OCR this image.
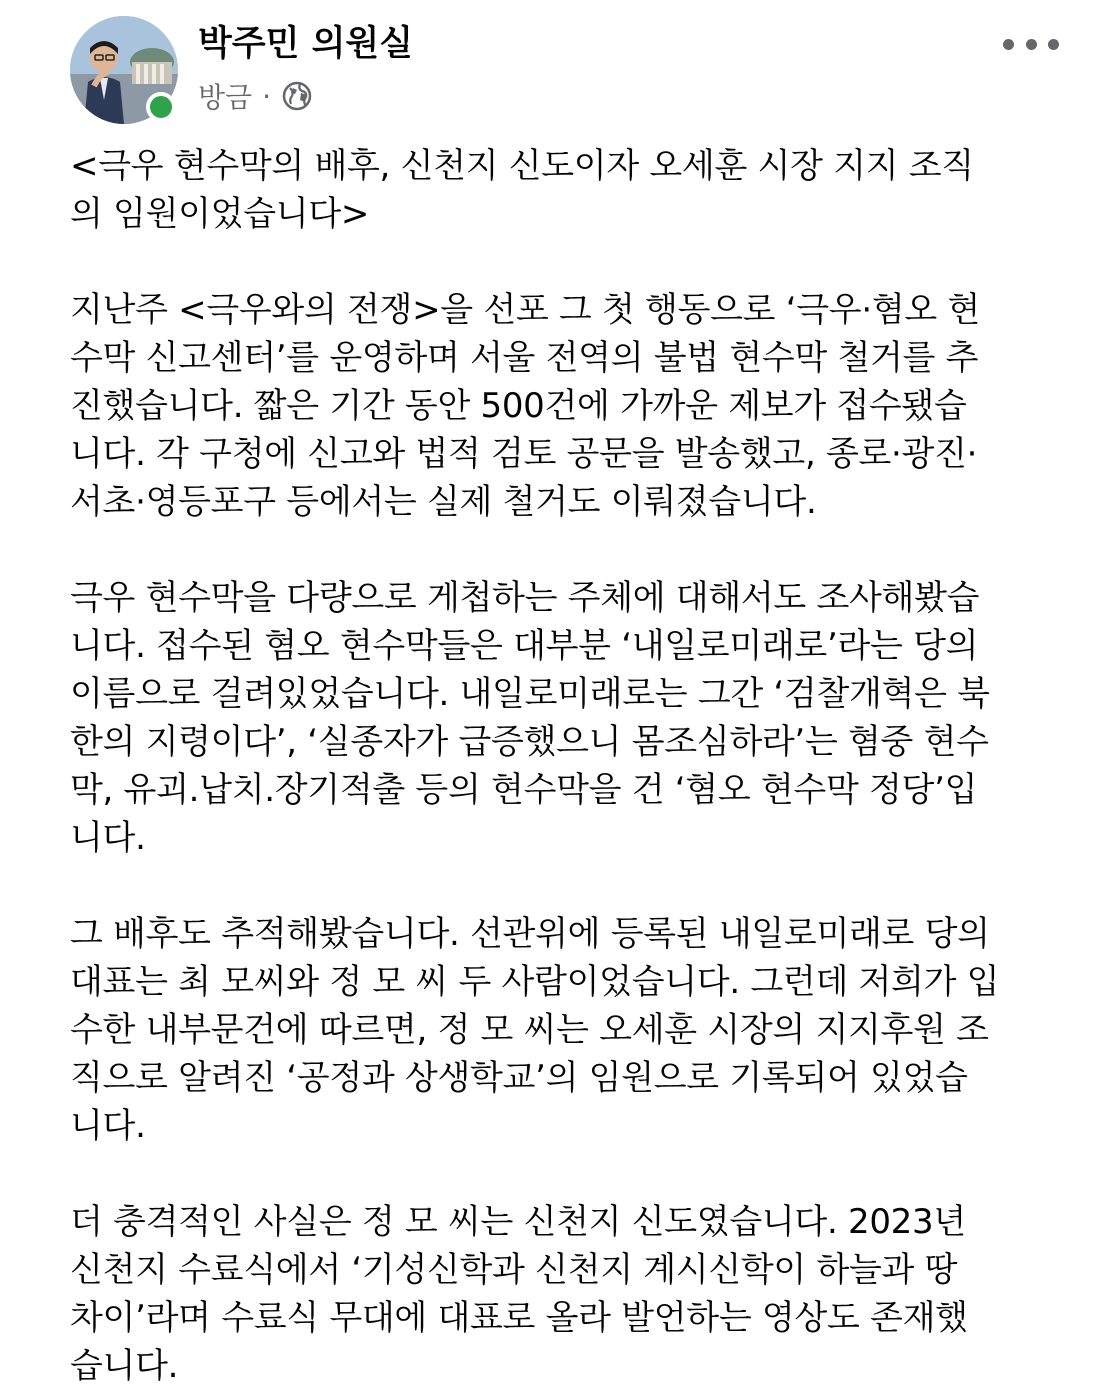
박주민 의원실
방금 ·
<극우 현수막의 배후, 신천지 신도이자 오세훈 시장 지지 조직
의 임원이었습니다>
지난주 <극우와의 전쟁>을 선포 그 첫 행동으로 ‘극우·혐오 현
수막 신고센터’를 운영하며 서울 전역의 불법 현수막 철거를 추
진했습니다. 짧은 기간 동안 500건에 가까운 제보가 접수됐습
니다. 각 구청에 신고와 법적 검토 공문을 발송했고, 종로·광진·
서초·영등포구 등에서는 실제 철거도 이뤄졌습니다.
극우 현수막을 다량으로 게첩하는 주체에 대해서도 조사해봤습
니다. 접수된 혐오 현수막들은 대부분 ‘내일로미래로’라는 당의
이름으로 걸려있었습니다. 내일로미래로는 그간 ‘검찰개혁은 북
한의 지령이다’, ‘실종자가 급증했으니 몸조심하라’는 혐중 현수
막, 유괴.납치.장기적출 등의 현수막을 건 ‘혐오 현수막 정당’입
니다.
그 배후도 추적해봤습니다. 선관위에 등록된 내일로미래로 당의
대표는 최 모씨와 정 모 씨 두 사람이었습니다. 그런데 저희가 입
수한 내부문건에 따르면, 정 모 씨는 오세훈 시장의 지지후원 조
직으로 알려진 ‘공정과 상생학교’의 임원으로 기록되어 있었습
니다.
더 충격적인 사실은 정 모 씨는 신천지 신도였습니다. 2023년
신천지 수료식에서 ‘기성신학과 신천지 계시신학이 하늘과 땅
차이’라며 수료식 무대에 대표로 올라 발언하는 영상도 존재했
습니다.
